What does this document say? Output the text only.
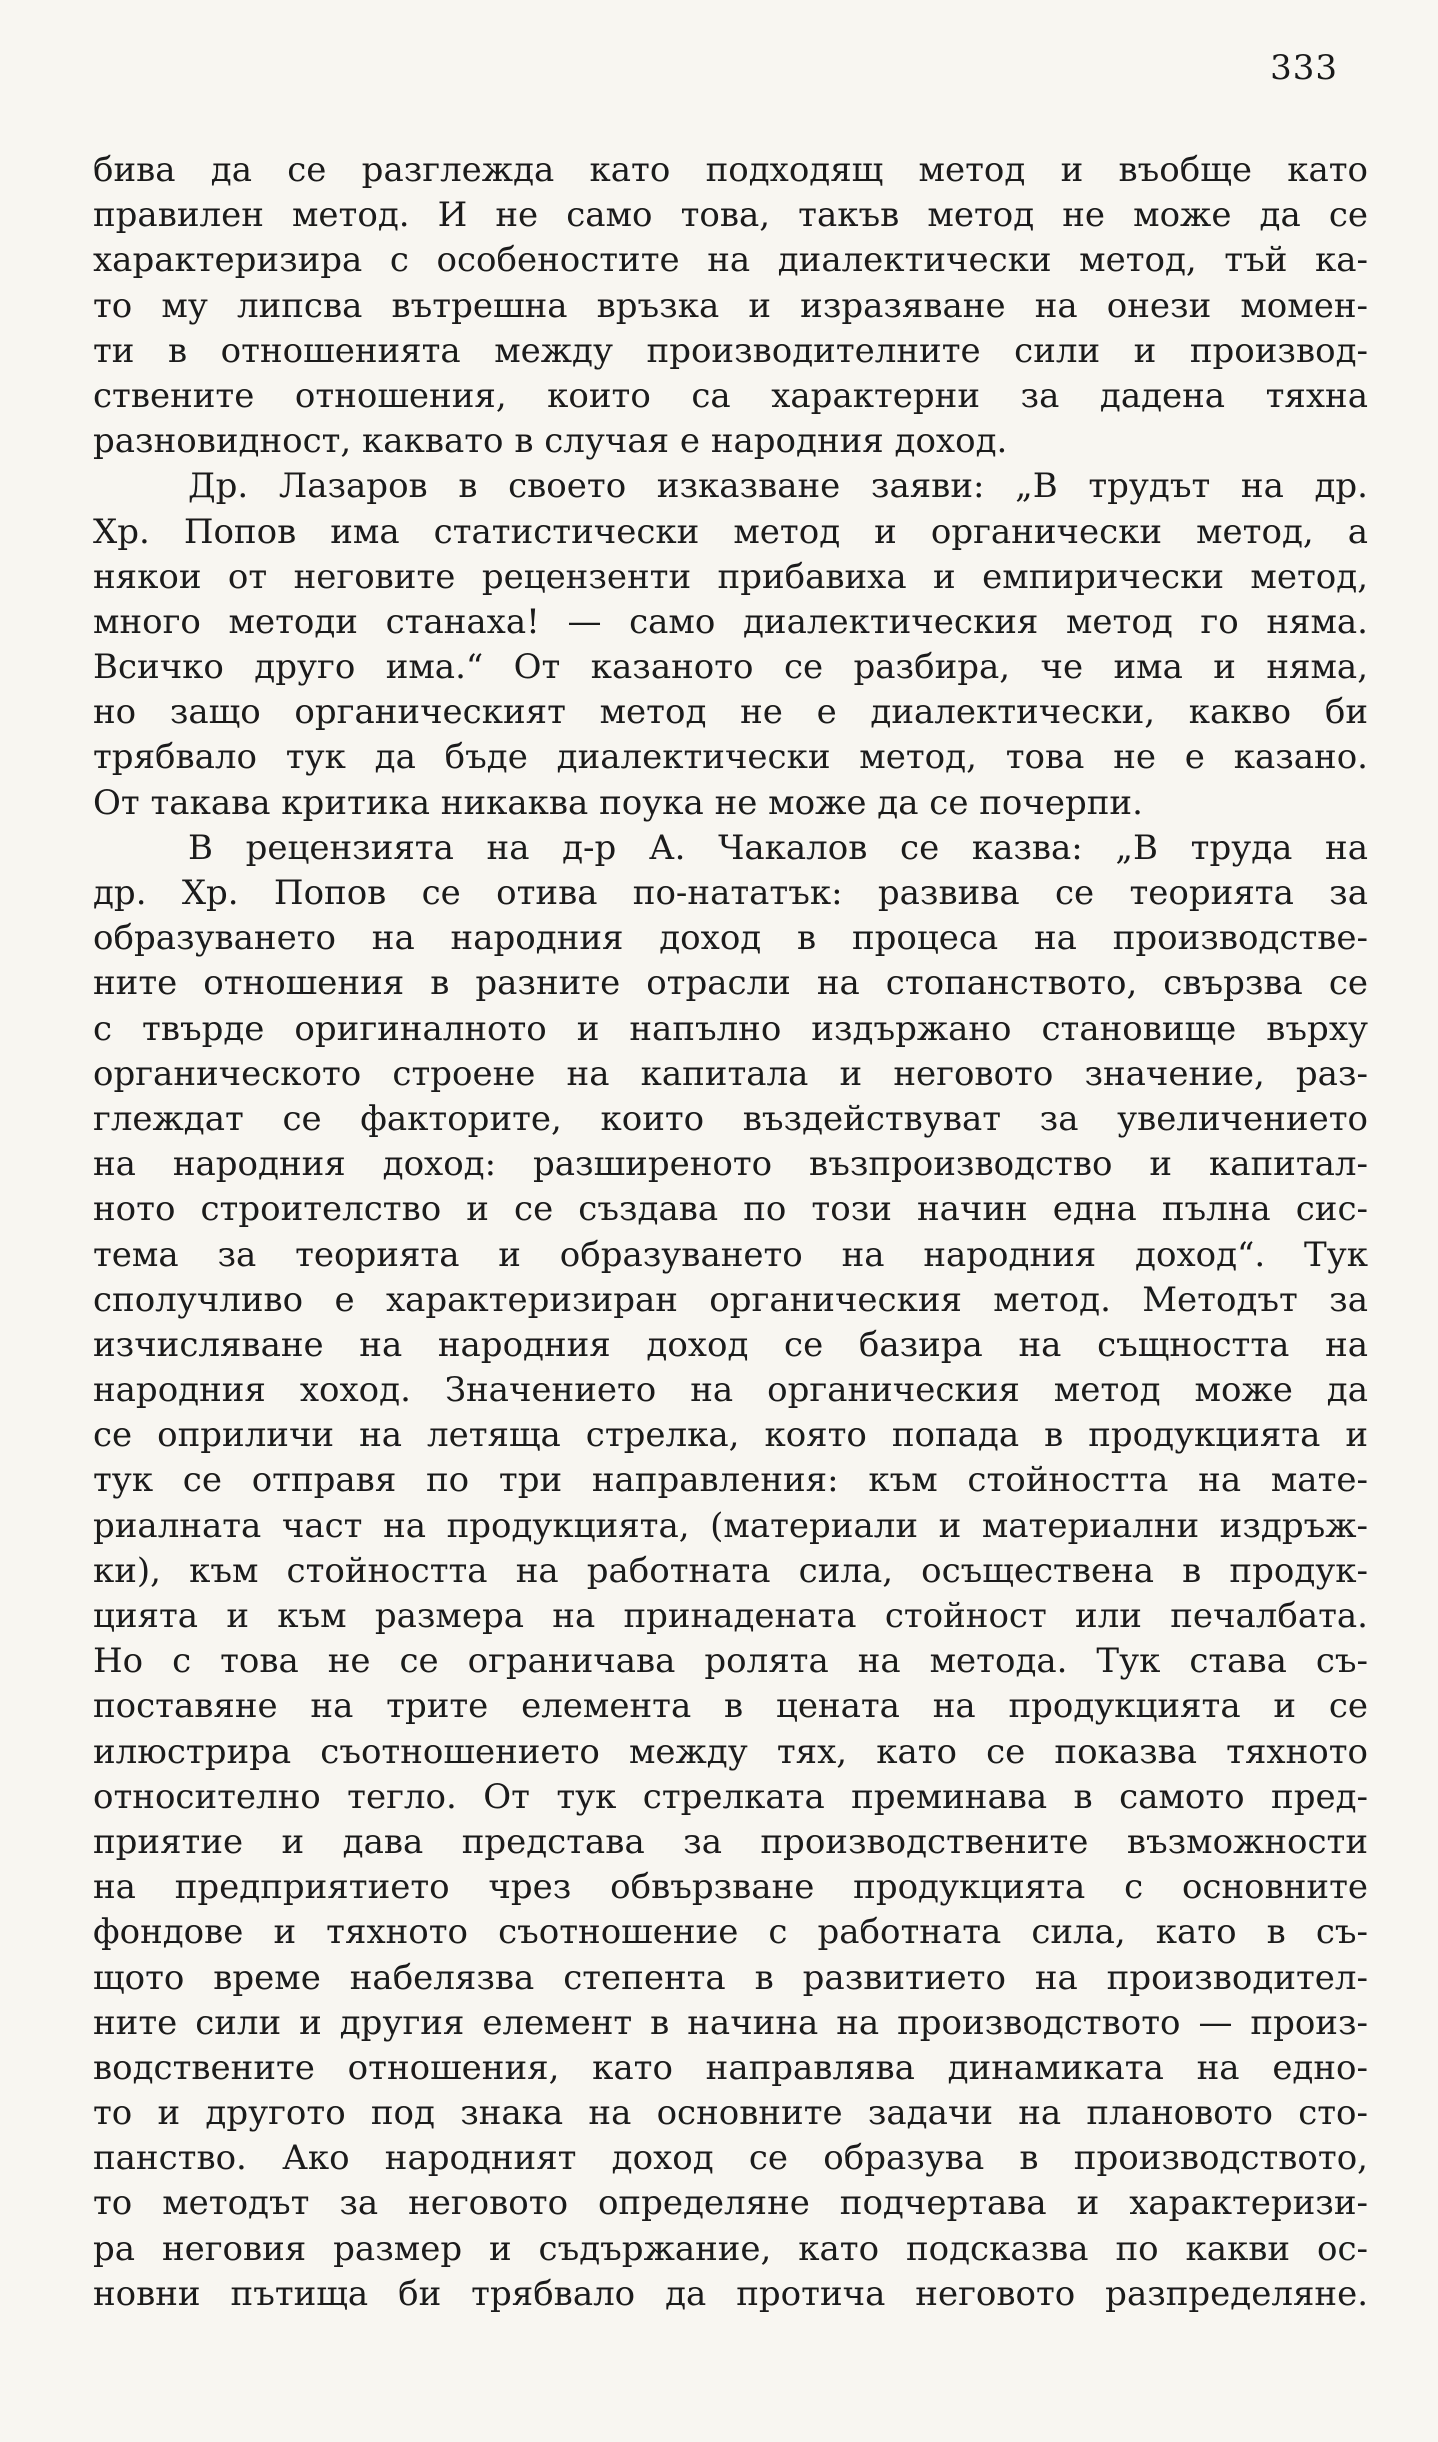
333
бива да се разглежда като подходящ метод и въобще като
правилен метод. И не само това, такъв метод не може да се
характеризира с особеностите на диалектически метод, тъй ка-
то му липсва вътрешна връзка и изразяване на онези момен-
ти в отношенията между производителните сили и производ-
ствените отношения, които са характерни за дадена тяхна
разновидност, каквато в случая е народния доход.
Др. Лазаров в своето изказване заяви: „В трудът на др.
Хр. Попов има статистически метод и органически метод, а
някои от неговите рецензенти прибавиха и емпирически метод,
много методи станаха! — само диалектическия метод го няма.
Всичко друго има.“ От казаното се разбира, че има и няма,
но защо органическият метод не е диалектически, какво би
трябвало тук да бъде диалектически метод, това не е казано.
От такава критика никаква поука не може да се почерпи.
В рецензията на д-р А. Чакалов се казва: „В труда на
др. Хр. Попов се отива по-нататък: развива се теорията за
образуването на народния доход в процеса на производстве-
ните отношения в разните отрасли на стопанството, свързва се
с твърде оригиналното и напълно издържано становище върху
органическото строене на капитала и неговото значение, раз-
глеждат се факторите, които въздействуват за увеличението
на народния доход: разширеното възпроизводство и капитал-
ното строителство и се създава по този начин една пълна сис-
тема за теорията и образуването на народния доход“. Тук
сполучливо е характеризиран органическия метод. Методът за
изчисляване на народния доход се базира на същността на
народния хоход. Значението на органическия метод може да
се оприличи на летяща стрелка, която попада в продукцията и
тук се отправя по три направления: към стойността на мате-
риалната част на продукцията, (материали и материални издръж-
ки), към стойността на работната сила, осъществена в продук-
цията и към размера на принадената стойност или печалбата.
Но с това не се ограничава ролята на метода. Тук става съ-
поставяне на трите елемента в цената на продукцията и се
илюстрира съотношението между тях, като се показва тяхното
относително тегло. От тук стрелката преминава в самото пред-
приятие и дава представа за производствените възможности
на предприятието чрез обвързване продукцията с основните
фондове и тяхното съотношение с работната сила, като в съ-
щото време набелязва степента в развитието на производител-
ните сили и другия елемент в начина на производството — произ-
водствените отношения, като направлява динамиката на едно-
то и другото под знака на основните задачи на плановото сто-
панство. Ако народният доход се образува в производството,
то методът за неговото определяне подчертава и характеризи-
ра неговия размер и съдържание, като подсказва по какви ос-
новни пътища би трябвало да протича неговото разпределяне.
